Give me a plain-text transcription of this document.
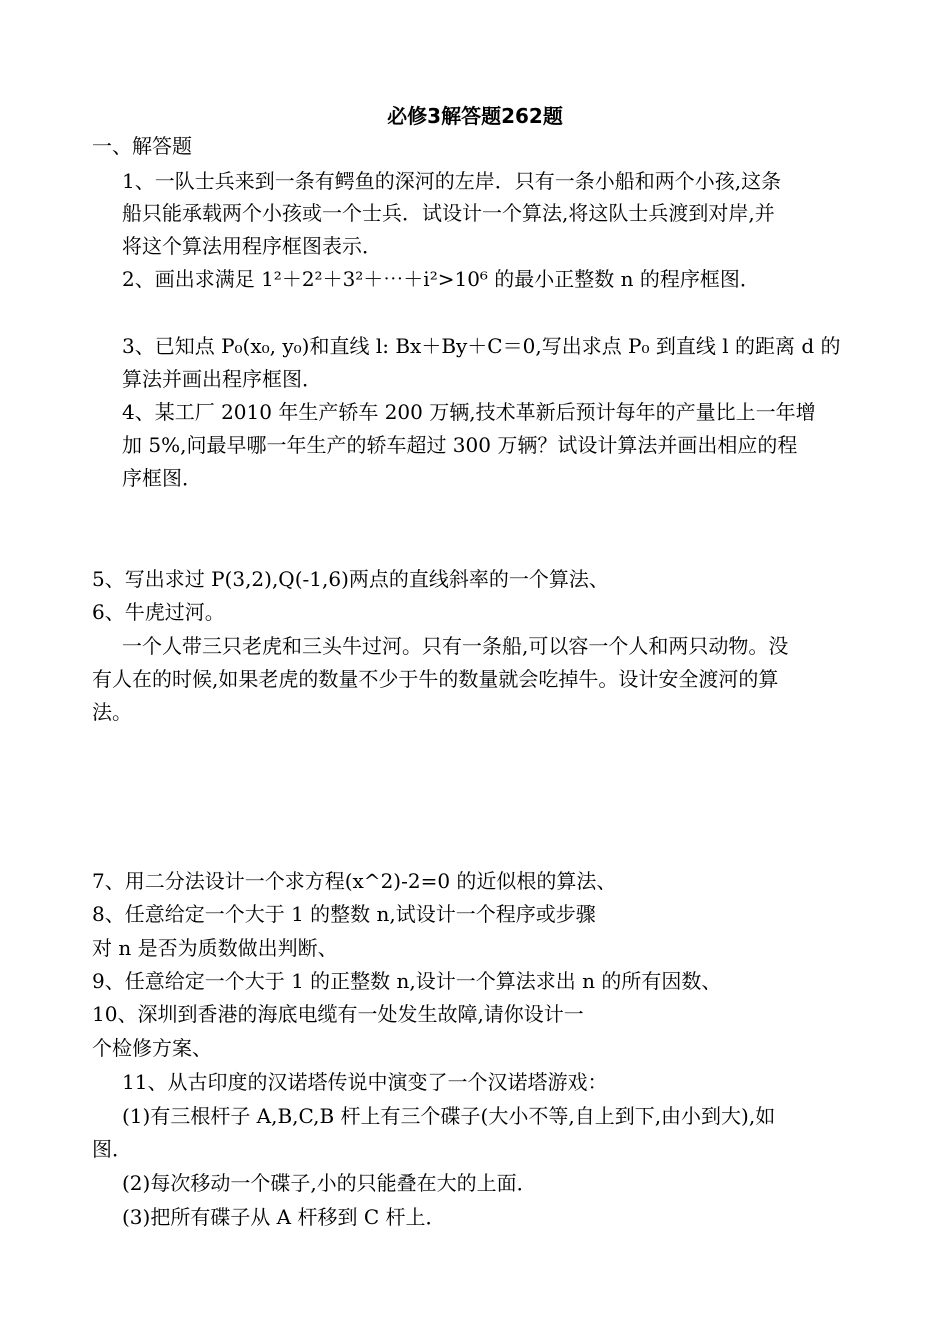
必修3解答题262题
一、解答题
1、一队士兵来到一条有鳄鱼的深河的左岸．只有一条小船和两个小孩,这条
船只能承载两个小孩或一个士兵．试设计一个算法,将这队士兵渡到对岸,并
将这个算法用程序框图表示．
2、画出求满足 1²＋2²＋3²＋⋯＋i²>10⁶ 的最小正整数 n 的程序框图．
3、已知点 P₀(x₀, y₀)和直线 l: Bx＋By＋C＝0,写出求点 P₀ 到直线 l 的距离 d 的
算法并画出程序框图．
4、某工厂 2010 年生产轿车 200 万辆,技术革新后预计每年的产量比上一年增
加 5%,问最早哪一年生产的轿车超过 300 万辆？试设计算法并画出相应的程
序框图．
5、写出求过 P(3,2),Q(-1,6)两点的直线斜率的一个算法、
6、牛虎过河。
一个人带三只老虎和三头牛过河。只有一条船,可以容一个人和两只动物。没
有人在的时候,如果老虎的数量不少于牛的数量就会吃掉牛。设计安全渡河的算
法。
7、用二分法设计一个求方程(x^2)-2=0 的近似根的算法、
8、任意给定一个大于 1 的整数 n,试设计一个程序或步骤
对 n 是否为质数做出判断、
9、任意给定一个大于 1 的正整数 n,设计一个算法求出 n 的所有因数、
10、深圳到香港的海底电缆有一处发生故障,请你设计一
个检修方案、
11、从古印度的汉诺塔传说中演变了一个汉诺塔游戏：
(1)有三根杆子 A,B,C,B 杆上有三个碟子(大小不等,自上到下,由小到大),如
图．
(2)每次移动一个碟子,小的只能叠在大的上面．
(3)把所有碟子从 A 杆移到 C 杆上．
